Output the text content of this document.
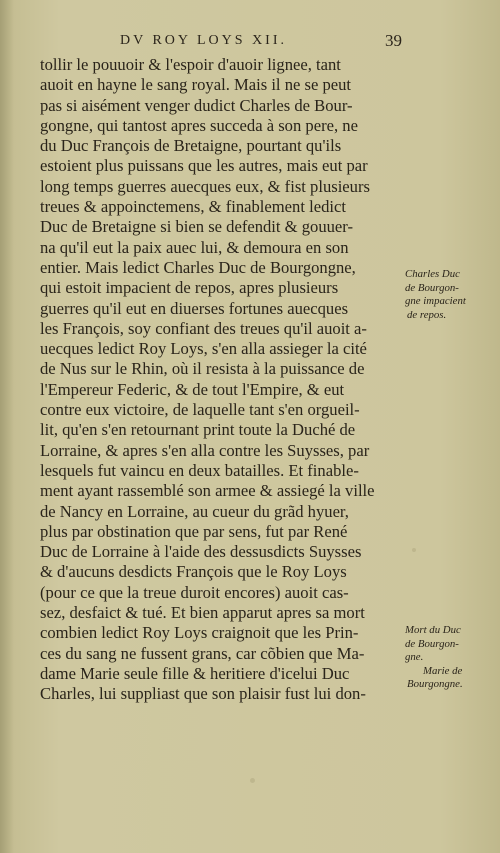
DV ROY LOYS XII.	39
tollir le pouuoir & l'espoir d'auoir lignee, tant
auoit en hayne le sang royal. Mais il ne se peut
pas si aisément venger dudict Charles de Bour-
gongne, qui tantost apres succeda à son pere, ne
du Duc François de Bretaigne, pourtant qu'ils
estoient plus puissans que les autres, mais eut par
long temps guerres auecques eux, & fist plusieurs
treues & appoinctemens, & finablement ledict
Duc de Bretaigne si bien se defendit & gouuer-
na qu'il eut la paix auec lui, & demoura en son
entier. Mais ledict Charles Duc de Bourgongne,
qui estoit impacient de repos, apres plusieurs
guerres qu'il eut en diuerses fortunes auecques
les François, soy confiant des treues qu'il auoit a-
uecques ledict Roy Loys, s'en alla assieger la cité
de Nus sur le Rhin, où il resista à la puissance de
l'Empereur Federic, & de tout l'Empire, & eut
contre eux victoire, de laquelle tant s'en orgueil-
lit, qu'en s'en retournant print toute la Duché de
Lorraine, & apres s'en alla contre les Suysses, par
lesquels fut vaincu en deux batailles. Et finable-
ment ayant rassemblé son armee & assiegé la ville
de Nancy en Lorraine, au cueur du grãd hyuer,
plus par obstination que par sens, fut par René
Duc de Lorraine à l'aide des dessusdicts Suysses
& d'aucuns desdicts François que le Roy Loys
(pour ce que la treue duroit encores) auoit cas-
sez, desfaict & tué. Et bien apparut apres sa mort
combien ledict Roy Loys craignoit que les Prin-
ces du sang ne fussent grans, car cõbien que Ma-
dame Marie seule fille & heritiere d'icelui Duc
Charles, lui suppliast que son plaisir fust lui don-
Charles Duc
de Bourgon-
gne impacient
de repos.
Mort du Duc
de Bourgon-
gne.
Marie de
Bourgongne.
